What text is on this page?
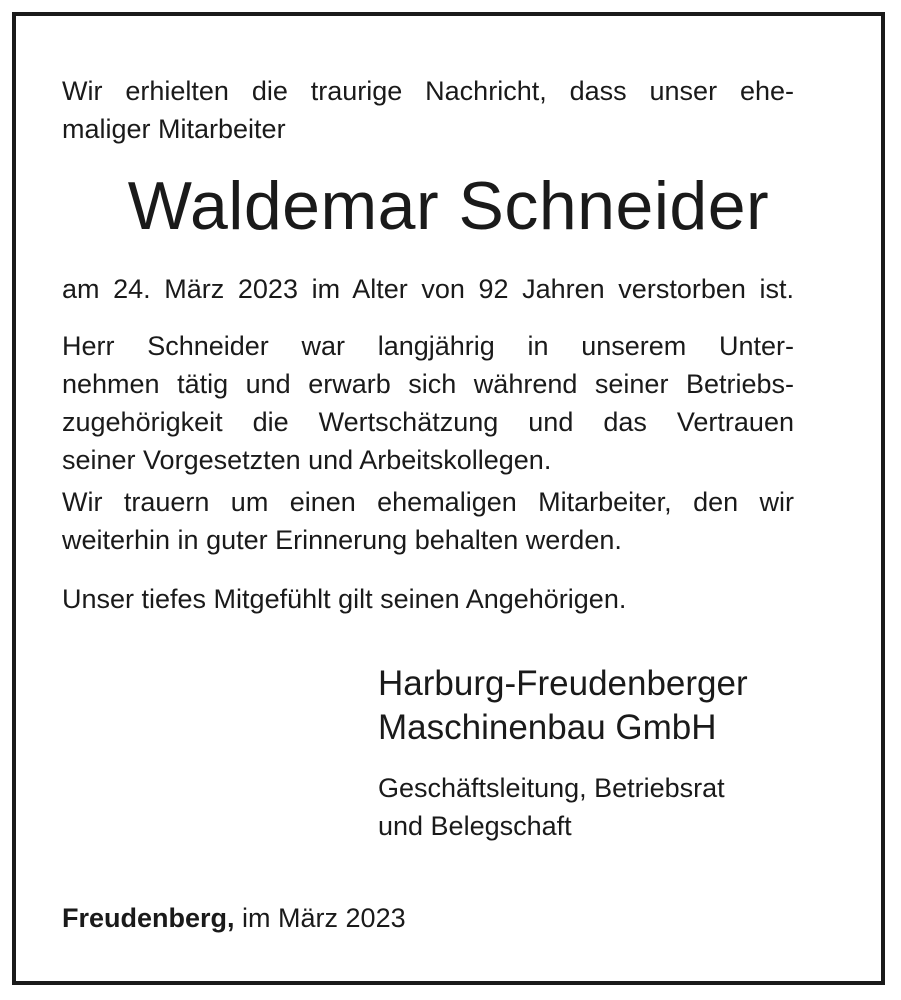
Wir erhielten die traurige Nachricht, dass unser ehe-
maliger Mitarbeiter

Waldemar Schneider

am 24. März 2023 im Alter von 92 Jahren verstorben ist.

Herr Schneider war langjährig in unserem Unter-
nehmen tätig und erwarb sich während seiner Betriebs-
zugehörigkeit die Wertschätzung und das Vertrauen
seiner Vorgesetzten und Arbeitskollegen.

Wir trauern um einen ehemaligen Mitarbeiter, den wir
weiterhin in guter Erinnerung behalten werden.

Unser tiefes Mitgefühlt gilt seinen Angehörigen.

Harburg-Freudenberger
Maschinenbau GmbH

Geschäftsleitung, Betriebsrat
und Belegschaft

Freudenberg, im März 2023
